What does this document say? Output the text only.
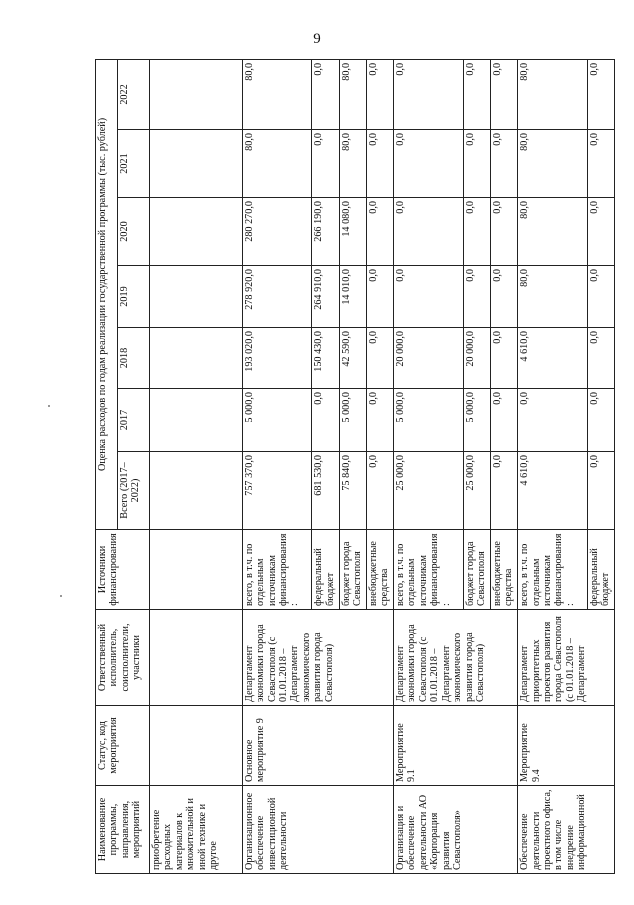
9
Наименование программы, направления, мероприятий	Статус, код мероприятия	Ответственный исполнитель, соисполнители, участники	Источники финансирования	Оценка расходов по годам реализации государственной программы (тыс. рублей)						
				Всего (2017–2022)	2017	2018	2019	2020	2021	2022
приобретение расходных материалов к множительной и иной технике и другое										
Организационное обеспечение инвестиционной деятельности	Основное мероприятие 9	Департамент экономики города Севастополя (с 01.01.2018 – Департамент экономического развития города Севастополя)	всего, в т.ч. по отдельным источникам финансирования:	757 370,0	5 000,0	193 020,0	278 920,0	280 270,0	80,0	80,0
			федеральный бюджет	681 530,0	0,0	150 430,0	264 910,0	266 190,0	0,0	0,0
			бюджет города Севастополя	75 840,0	5 000,0	42 590,0	14 010,0	14 080,0	80,0	80,0
			внебюджетные средства	0,0	0,0	0,0	0,0	0,0	0,0	0,0
Организация и обеспечение деятельности АО «Корпорация развития Севастополя»	Мероприятие 9.1	Департамент экономики города Севастополя (с 01.01.2018 – Департамент экономического развития города Севастополя)	всего, в т.ч. по отдельным источникам финансирования:	25 000,0	5 000,0	20 000,0	0,0	0,0	0,0	0,0
			бюджет города Севастополя	25 000,0	5 000,0	20 000,0	0,0	0,0	0,0	0,0
			внебюджетные средства	0,0	0,0	0,0	0,0	0,0	0,0	0,0
Обеспечение деятельности проектного офиса, в том числе внедрение информационной	Мероприятие 9.4	Департамент приоритетных проектов развития города Севастополя (с 01.01.2018 – Департамент	всего, в т.ч. по отдельным источникам финансирования:	4 610,0	0,0	4 610,0	80,0	80,0	80,0	80,0
			федеральный бюджет	0,0	0,0	0,0	0,0	0,0	0,0	0,0
